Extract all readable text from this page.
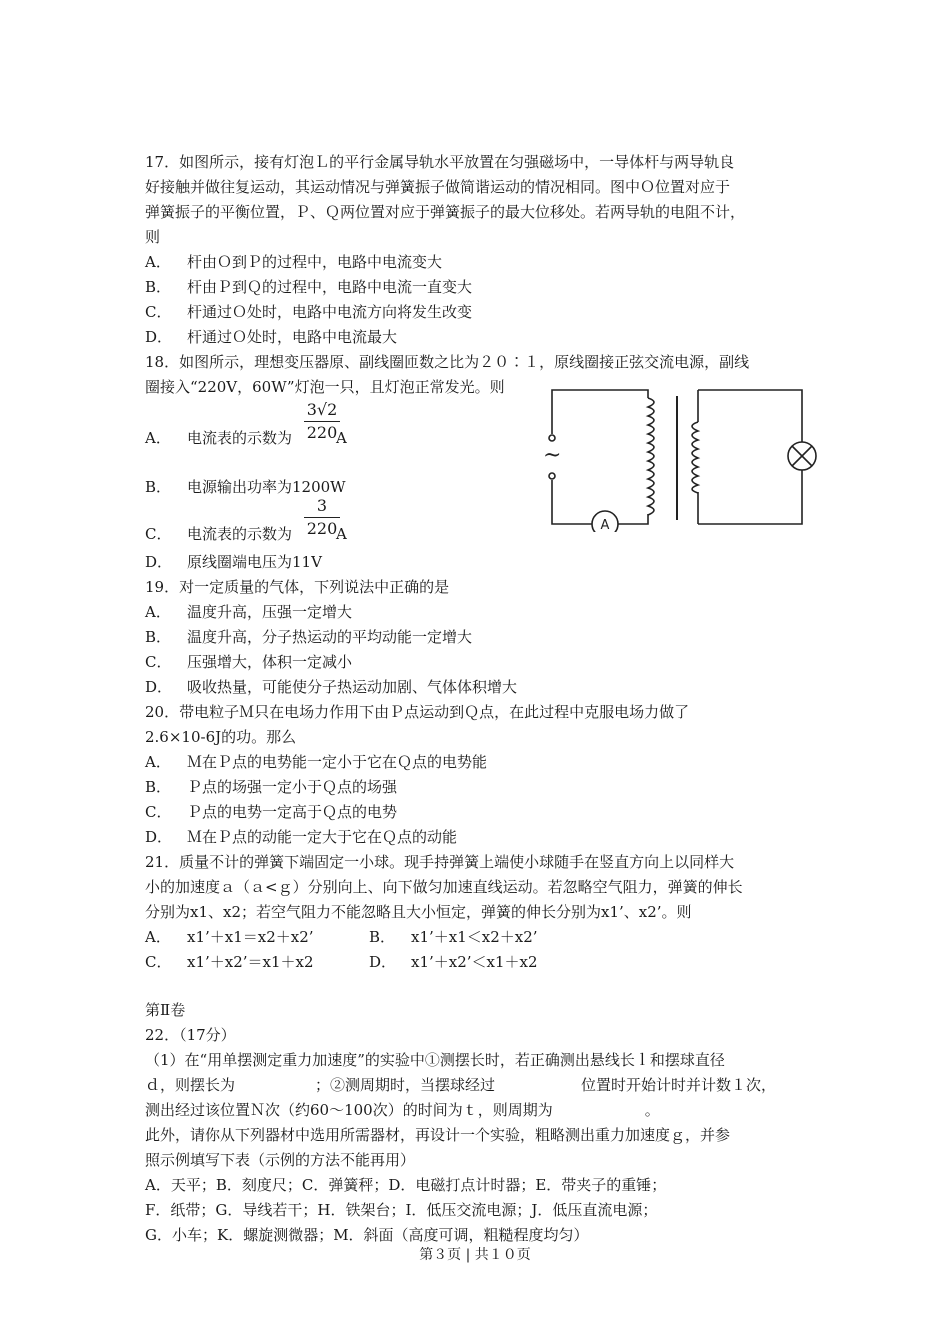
17．如图所示，接有灯泡Ｌ的平行金属导轨水平放置在匀强磁场中，一导体杆与两导轨良
好接触并做往复运动，其运动情况与弹簧振子做简谐运动的情况相同。图中Ｏ位置对应于
弹簧振子的平衡位置，Ｐ、Ｑ两位置对应于弹簧振子的最大位移处。若两导轨的电阻不计，
则
A． 杆由Ｏ到Ｐ的过程中，电路中电流变大
B． 杆由Ｐ到Ｑ的过程中，电路中电流一直变大
C． 杆通过Ｏ处时，电路中电流方向将发生改变
D． 杆通过Ｏ处时，电路中电流最大
18．如图所示，理想变压器原、副线圈匝数之比为２０∶１，原线圈接正弦交流电源，副线
圈接入“220V，60W”灯泡一只，且灯泡正常发光。则
A． 电流表的示数为	A
3√2
220
B． 电源输出功率为1200W
C． 电流表的示数为	A
3
220
D． 原线圈端电压为11V
~
A
19．对一定质量的气体，下列说法中正确的是
A． 温度升高，压强一定增大
B． 温度升高，分子热运动的平均动能一定增大
C． 压强增大，体积一定减小
D． 吸收热量，可能使分子热运动加剧、气体体积增大
20．带电粒子Ｍ只在电场力作用下由Ｐ点运动到Ｑ点，在此过程中克服电场力做了
2.6×10-6J的功。那么
A． Ｍ在Ｐ点的电势能一定小于它在Ｑ点的电势能
B． Ｐ点的场强一定小于Ｑ点的场强
C． Ｐ点的电势一定高于Ｑ点的电势
D． Ｍ在Ｐ点的动能一定大于它在Ｑ点的动能
21．质量不计的弹簧下端固定一小球。现手持弹簧上端使小球随手在竖直方向上以同样大
小的加速度ａ（ａ<ｇ）分别向上、向下做匀加速直线运动。若忽略空气阻力，弹簧的伸长
分别为x1、x2；若空气阻力不能忽略且大小恒定，弹簧的伸长分别为x1’、x2’。则
A． x1’＋x1＝x2＋x2’	B． x1’＋x1＜x2＋x2’
C． x1’＋x2’＝x1＋x2	D． x1’＋x2’＜x1＋x2
第Ⅱ卷
22．（17分）
（1）在“用单摆测定重力加速度”的实验中①测摆长时，若正确测出悬线长ｌ和摆球直径
ｄ，则摆长为	；②测周期时，当摆球经过	位置时开始计时并计数１次，
测出经过该位置Ｎ次（约60～100次）的时间为ｔ，则周期为	。
此外，请你从下列器材中选用所需器材，再设计一个实验，粗略测出重力加速度ｇ，并参
照示例填写下表（示例的方法不能再用）
A．天平；B．刻度尺；C．弹簧秤；D．电磁打点计时器；E．带夹子的重锤；
F．纸带；G．导线若干；H．铁架台；I．低压交流电源；J．低压直流电源；
G．小车；K．螺旋测微器；M．斜面（高度可调，粗糙程度均匀）
第３页 | 共１０页
